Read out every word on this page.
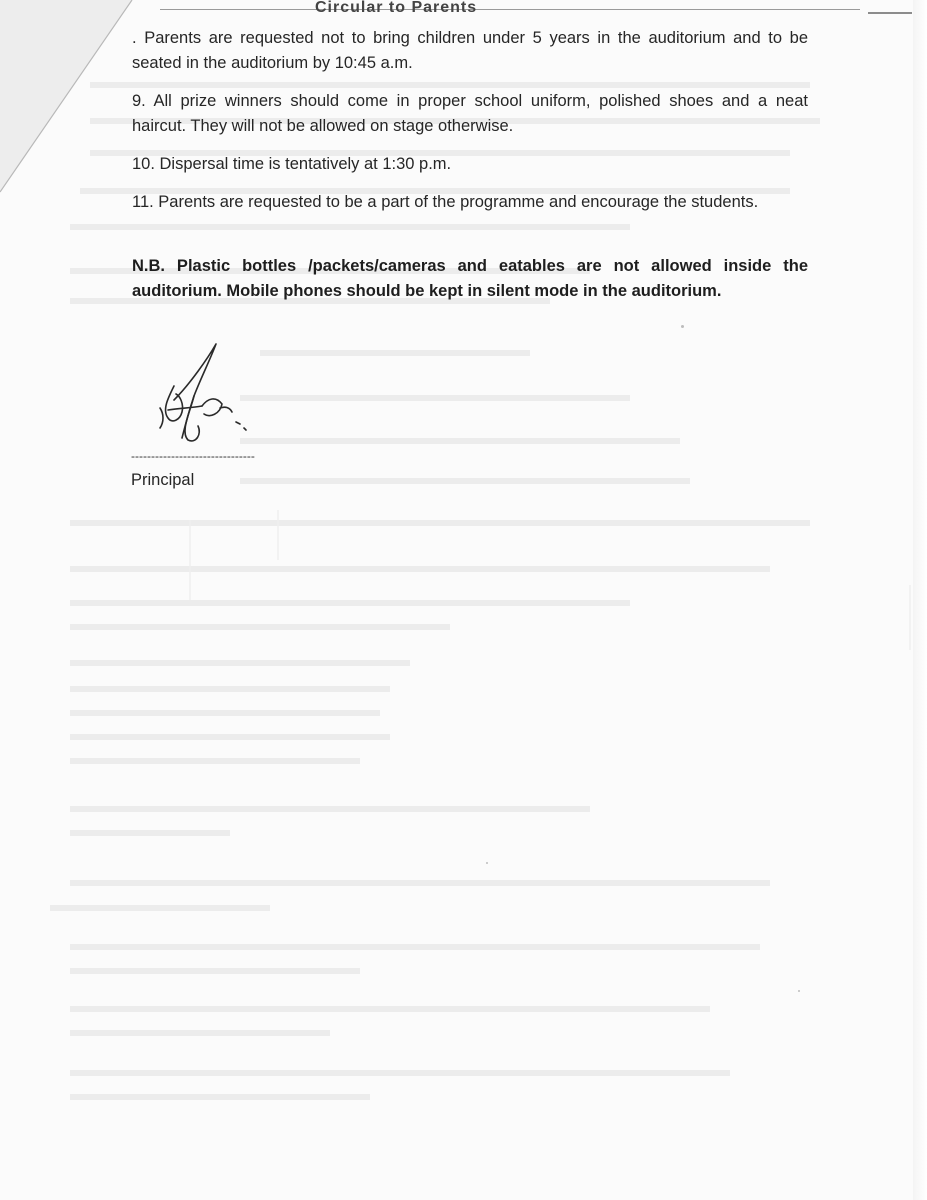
Circular to Parents

. Parents are requested not to bring children under 5 years in the auditorium and to be seated in the auditorium by 10:45 a.m.

9. All prize winners should come in proper school uniform, polished shoes and a neat haircut. They will not be allowed on stage otherwise.

10. Dispersal time is tentatively at 1:30 p.m.

11. Parents are requested to be a part of the programme and encourage the students.

N.B. Plastic bottles /packets/cameras and eatables are not allowed inside the auditorium. Mobile phones should be kept in silent mode in the auditorium.

-------------------------------
Principal
